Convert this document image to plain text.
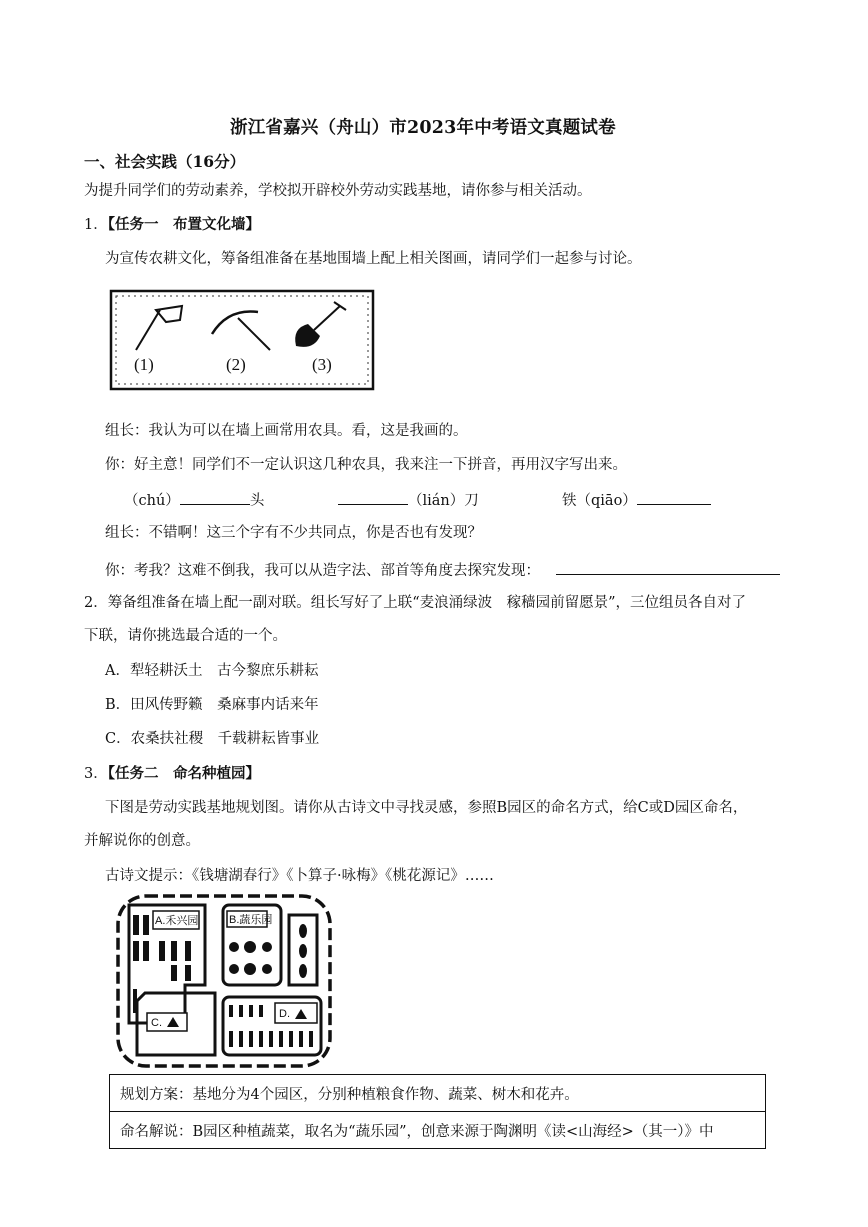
浙江省嘉兴（舟山）市2023年中考语文真题试卷
一、社会实践（16分）
为提升同学们的劳动素养，学校拟开辟校外劳动实践基地，请你参与相关活动。
1．【任务一　布置文化墙】
为宣传农耕文化，筹备组准备在基地围墙上配上相关图画，请同学们一起参与讨论。
(1)	(2)	(3)
组长：我认为可以在墙上画常用农具。看，这是我画的。
你：好主意！同学们不一定认识这几种农具，我来注一下拼音，再用汉字写出来。
（chú）	头	（lián）刀	铁（qiāo）
组长：不错啊！这三个字有不少共同点，你是否也有发现？
你：考我？这难不倒我，我可以从造字法、部首等角度去探究发现：
2．筹备组准备在墙上配一副对联。组长写好了上联“麦浪涌绿波　稼穑园前留愿景”，三位组员各自对了
下联，请你挑选最合适的一个。
A．犁轻耕沃土　古今黎庶乐耕耘
B．田风传野籁　桑麻事内话来年
C．农桑扶社稷　千载耕耘皆事业
3．【任务二　命名种植园】
下图是劳动实践基地规划图。请你从古诗文中寻找灵感，参照B园区的命名方式，给C或D园区命名，
并解说你的创意。
古诗文提示：《钱塘湖春行》《卜算子·咏梅》《桃花源记》……
A.禾兴园	B.蔬乐园
C.
D.
规划方案：基地分为4个园区，分别种植粮食作物、蔬菜、树木和花卉。
命名解说：B园区种植蔬菜，取名为“蔬乐园”，创意来源于陶渊明《读<山海经>（其一）》中
